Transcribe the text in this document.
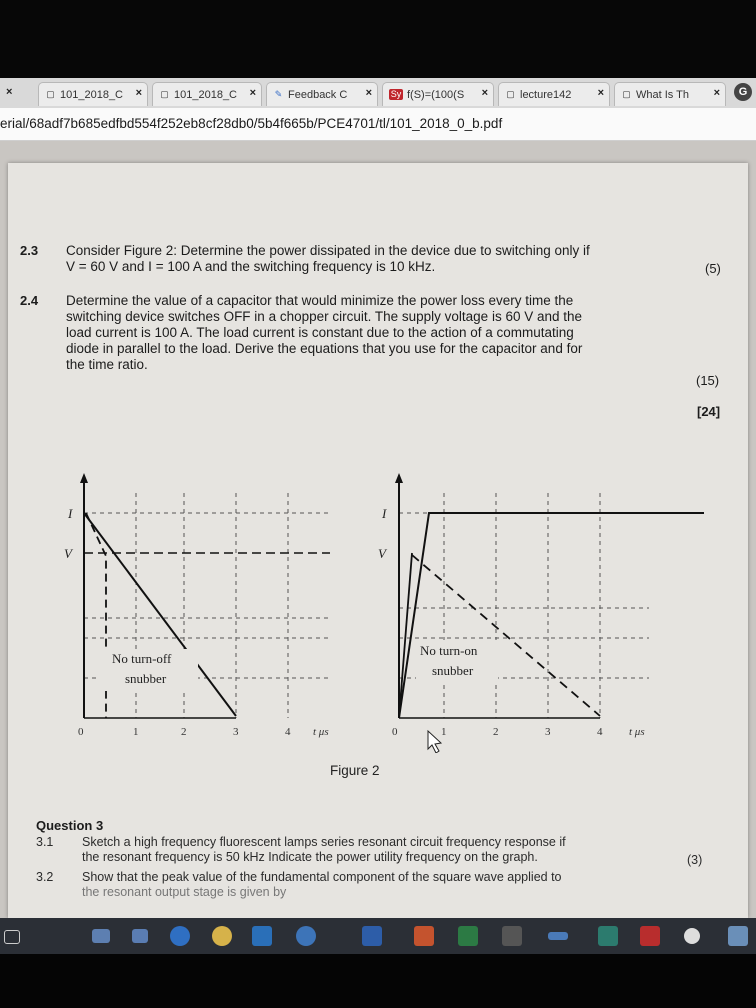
×	▢ 101_2018_C × ▢ 101_2018_C × ✎ Feedback C × Sy f(S)=(100(S × ▢ lecture142 × ▢ What Is Th ×	G
erial/68adf7b685edfbd554f252eb8cf28db0/5b4f665b/PCE4701/tl/101_2018_0_b.pdf
2.3 Consider Figure 2: Determine the power dissipated in the device due to switching only if
V = 60 V and I = 100 A and the switching frequency is 10 kHz.	(5)
2.4 Determine the value of a capacitor that would minimize the power loss every time the
switching device switches OFF in a chopper circuit. The supply voltage is 60 V and the
load current is 100 A. The load current is constant due to the action of a commutating
diode in parallel to the load. Derive the equations that you use for the capacitor and for
the time ratio.
(15)
[24]
I
V
No turn-off
snubber
0	1	2	3	4 t μs
I
V
No turn-on
snubber
0	1	2	3	4 t μs
Figure 2
Question 3
3.1 Sketch a high frequency fluorescent lamps series resonant circuit frequency response if
the resonant frequency is 50 kHz Indicate the power utility frequency on the graph.	(3)
3.2 Show that the peak value of the fundamental component of the square wave applied to
the resonant output stage is given by
